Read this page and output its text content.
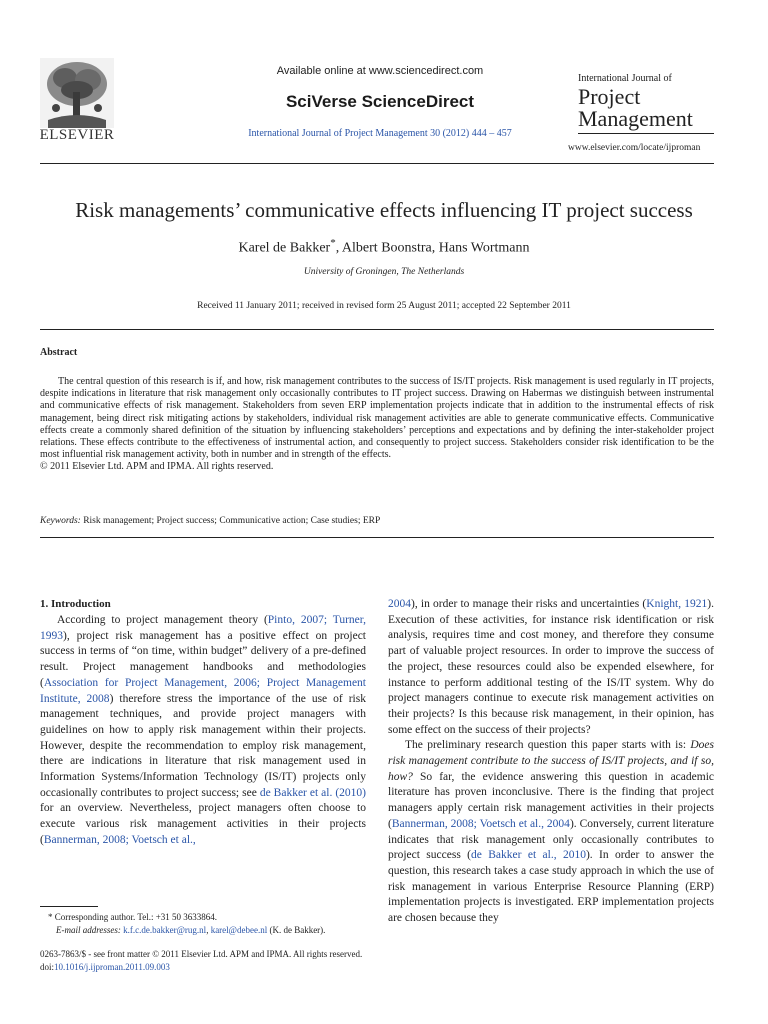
ELSEVIER
Available online at www.sciencedirect.com
SciVerse ScienceDirect
International Journal of Project Management 30 (2012) 444 – 457
International Journal of
Project
Management
www.elsevier.com/locate/ijproman
Risk managements’ communicative effects influencing IT project success
Karel de Bakker*, Albert Boonstra, Hans Wortmann
University of Groningen, The Netherlands
Received 11 January 2011; received in revised form 25 August 2011; accepted 22 September 2011
Abstract

The central question of this research is if, and how, risk management contributes to the success of IS/IT projects. Risk management is used regularly in IT projects, despite indications in literature that risk management only occasionally contributes to IT project success. Drawing on Habermas we distinguish between instrumental and communicative effects of risk management. Stakeholders from seven ERP implementation projects indicate that in addition to the instrumental effects of risk management, being direct risk mitigating actions by stakeholders, individual risk management activities are able to generate communicative effects. Communicative effects create a commonly shared definition of the situation by influencing stakeholders’ perceptions and expectations and by defining the inter-stakeholder project relations. These effects contribute to the effectiveness of instrumental action, and consequently to project success. Stakeholders consider risk identification to be the most influential risk management activity, both in number and in strength of the effects.

© 2011 Elsevier Ltd. APM and IPMA. All rights reserved.
Keywords: Risk management; Project success; Communicative action; Case studies; ERP
1. Introduction

According to project management theory (Pinto, 2007; Turner, 1993), project risk management has a positive effect on project success in terms of “on time, within budget” delivery of a pre-defined result. Project management handbooks and methodologies (Association for Project Management, 2006; Project Management Institute, 2008) therefore stress the importance of the use of risk management techniques, and provide project managers with guidelines on how to apply risk management within their projects. However, despite the recommendation to employ risk management, there are indications in literature that risk management used in Information Systems/Information Technology (IS/IT) projects only occasionally contributes to project success; see de Bakker et al. (2010) for an overview. Nevertheless, project managers often choose to execute various risk management activities in their projects (Bannerman, 2008; Voetsch et al.,

2004), in order to manage their risks and uncertainties (Knight, 1921). Execution of these activities, for instance risk identification or risk analysis, requires time and cost money, and therefore they consume part of valuable project resources. In order to improve the success of the project, these resources could also be expended elsewhere, for instance to perform additional testing of the IS/IT system. Why do project managers continue to execute risk management activities on their projects? Is this because risk management, in their opinion, has some effect on the success of their projects?

The preliminary research question this paper starts with is: Does risk management contribute to the success of IS/IT projects, and if so, how? So far, the evidence answering this question in academic literature has proven inconclusive. There is the finding that project managers apply certain risk management activities in their projects (Bannerman, 2008; Voetsch et al., 2004). Conversely, current literature indicates that risk management only occasionally contributes to project success (de Bakker et al., 2010). In order to answer the question, this research takes a case study approach in which the use of risk management in various Enterprise Resource Planning (ERP) implementation projects is investigated. ERP implementation projects are chosen because they

* Corresponding author. Tel.: +31 50 3633864.
E-mail addresses: k.f.c.de.bakker@rug.nl, karel@debee.nl (K. de Bakker).
0263-7863/$ - see front matter © 2011 Elsevier Ltd. APM and IPMA. All rights reserved.
doi:10.1016/j.ijproman.2011.09.003
